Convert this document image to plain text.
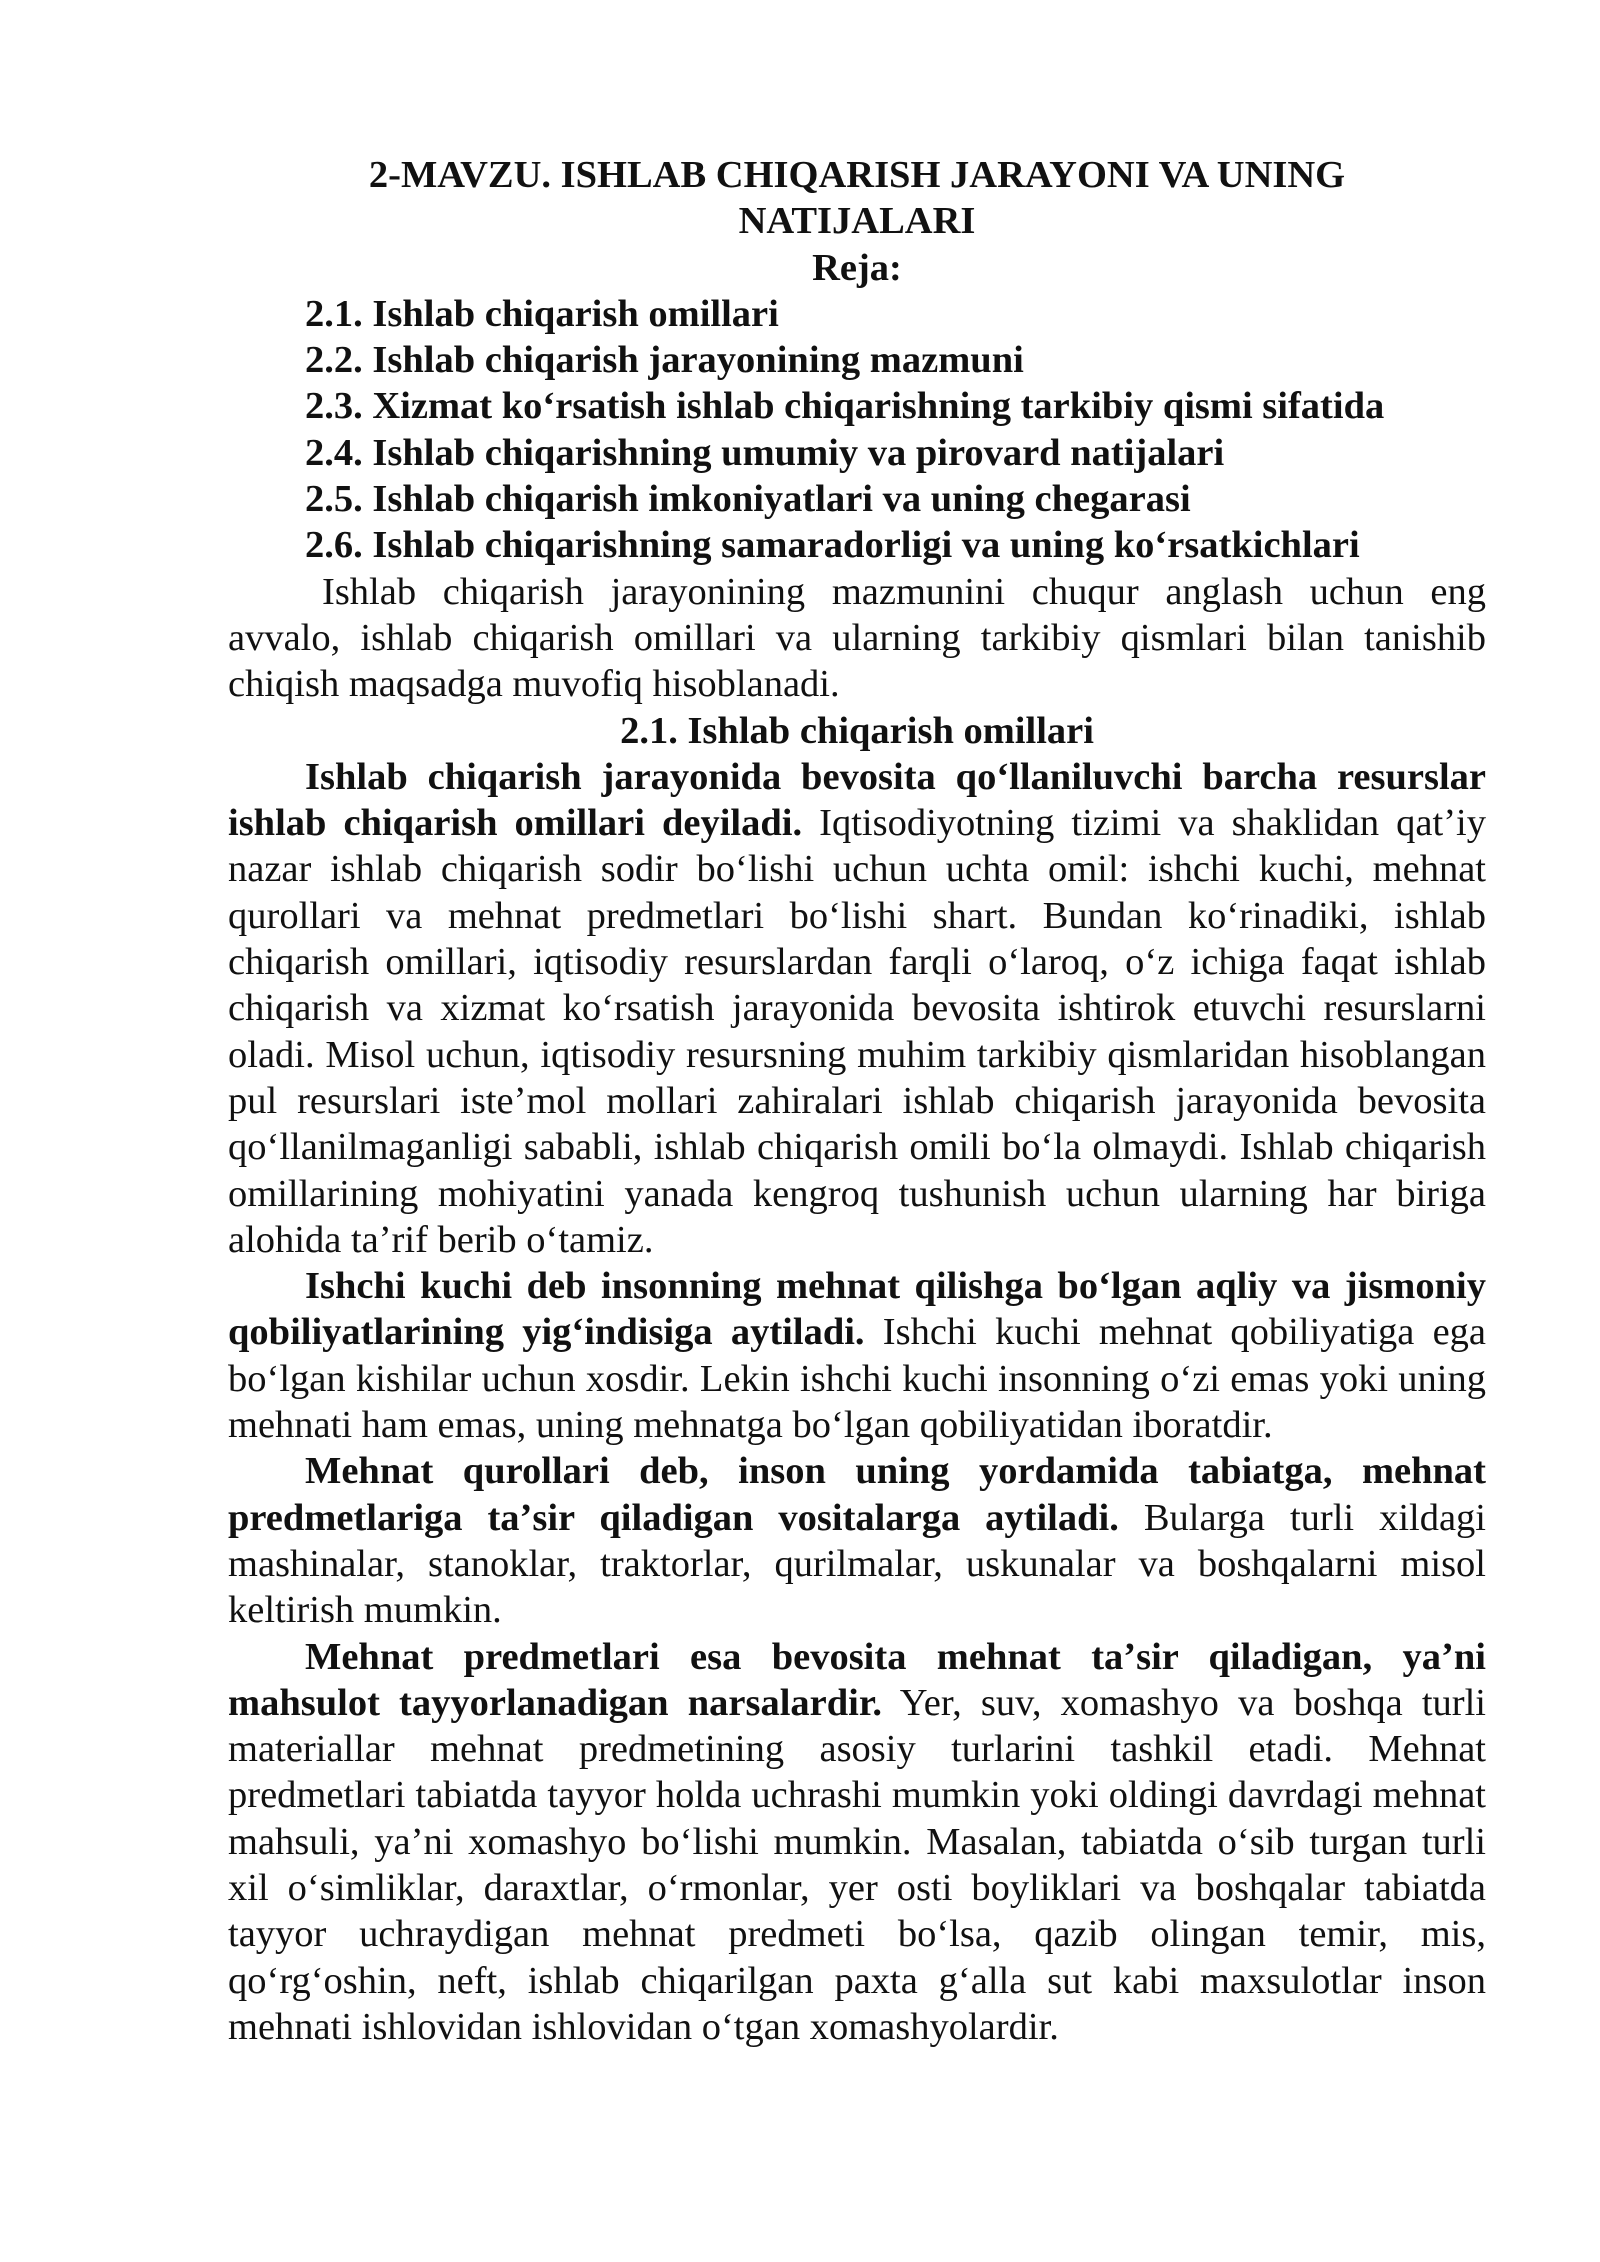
2-MAVZU. ISHLAB CHIQARISH JARAYONI VA UNING NATIJALARI
Reja:
2.1. Ishlab chiqarish omillari
2.2. Ishlab chiqarish jarayonining mazmuni
2.3. Xizmat koʻrsatish ishlab chiqarishning tarkibiy qismi sifatida
2.4. Ishlab chiqarishning umumiy va pirovard natijalari
2.5. Ishlab chiqarish imkoniyatlari va uning chegarasi
2.6. Ishlab chiqarishning samaradorligi va uning koʻrsatkichlari

Ishlab chiqarish jarayonining mazmunini chuqur anglash uchun eng avvalo, ishlab chiqarish omillari va ularning tarkibiy qismlari bilan tanishib chiqish maqsadga muvofiq hisoblanadi.

2.1. Ishlab chiqarish omillari

Ishlab chiqarish jarayonida bevosita qoʻllaniluvchi barcha resurslar ishlab chiqarish omillari deyiladi. Iqtisodiyotning tizimi va shaklidan qatʼiy nazar ishlab chiqarish sodir boʻlishi uchun uchta omil: ishchi kuchi, mehnat qurollari va mehnat predmetlari boʻlishi shart. Bundan koʻrinadiki, ishlab chiqarish omillari, iqtisodiy resurslardan farqli oʻlaroq, oʻz ichiga faqat ishlab chiqarish va xizmat koʻrsatish jarayonida bevosita ishtirok etuvchi resurslarni oladi. Misol uchun, iqtisodiy resursning muhim tarkibiy qismlaridan hisoblangan pul resurslari isteʼmol mollari zahiralari ishlab chiqarish jarayonida bevosita qoʻllanilmaganligi sababli, ishlab chiqarish omili boʻla olmaydi. Ishlab chiqarish omillarining mohiyatini yanada kengroq tushunish uchun ularning har biriga alohida taʼrif berib oʻtamiz.

Ishchi kuchi deb insonning mehnat qilishga boʻlgan aqliy va jismoniy qobiliyatlarining yigʻindisiga aytiladi. Ishchi kuchi mehnat qobiliyatiga ega boʻlgan kishilar uchun xosdir. Lekin ishchi kuchi insonning oʻzi emas yoki uning mehnati ham emas, uning mehnatga boʻlgan qobiliyatidan iboratdir.

Mehnat qurollari deb, inson uning yordamida tabiatga, mehnat predmetlariga taʼsir qiladigan vositalarga aytiladi. Bularga turli xildagi mashinalar, stanoklar, traktorlar, qurilmalar, uskunalar va boshqalarni misol keltirish mumkin.

Mehnat predmetlari esa bevosita mehnat taʼsir qiladigan, yaʼni mahsulot tayyorlanadigan narsalardir. Yer, suv, xomashyo va boshqa turli materiallar mehnat predmetining asosiy turlarini tashkil etadi. Mehnat predmetlari tabiatda tayyor holda uchrashi mumkin yoki oldingi davrdagi mehnat mahsuli, yaʼni xomashyo boʻlishi mumkin. Masalan, tabiatda oʻsib turgan turli xil oʻsimliklar, daraxtlar, oʻrmonlar, yer osti boyliklari va boshqalar tabiatda tayyor uchraydigan mehnat predmeti boʻlsa, qazib olingan temir, mis, qoʻrgʻoshin, neft, ishlab chiqarilgan paxta gʻalla sut kabi maxsulotlar inson mehnati ishlovidan ishlovidan oʻtgan xomashyolardir.
